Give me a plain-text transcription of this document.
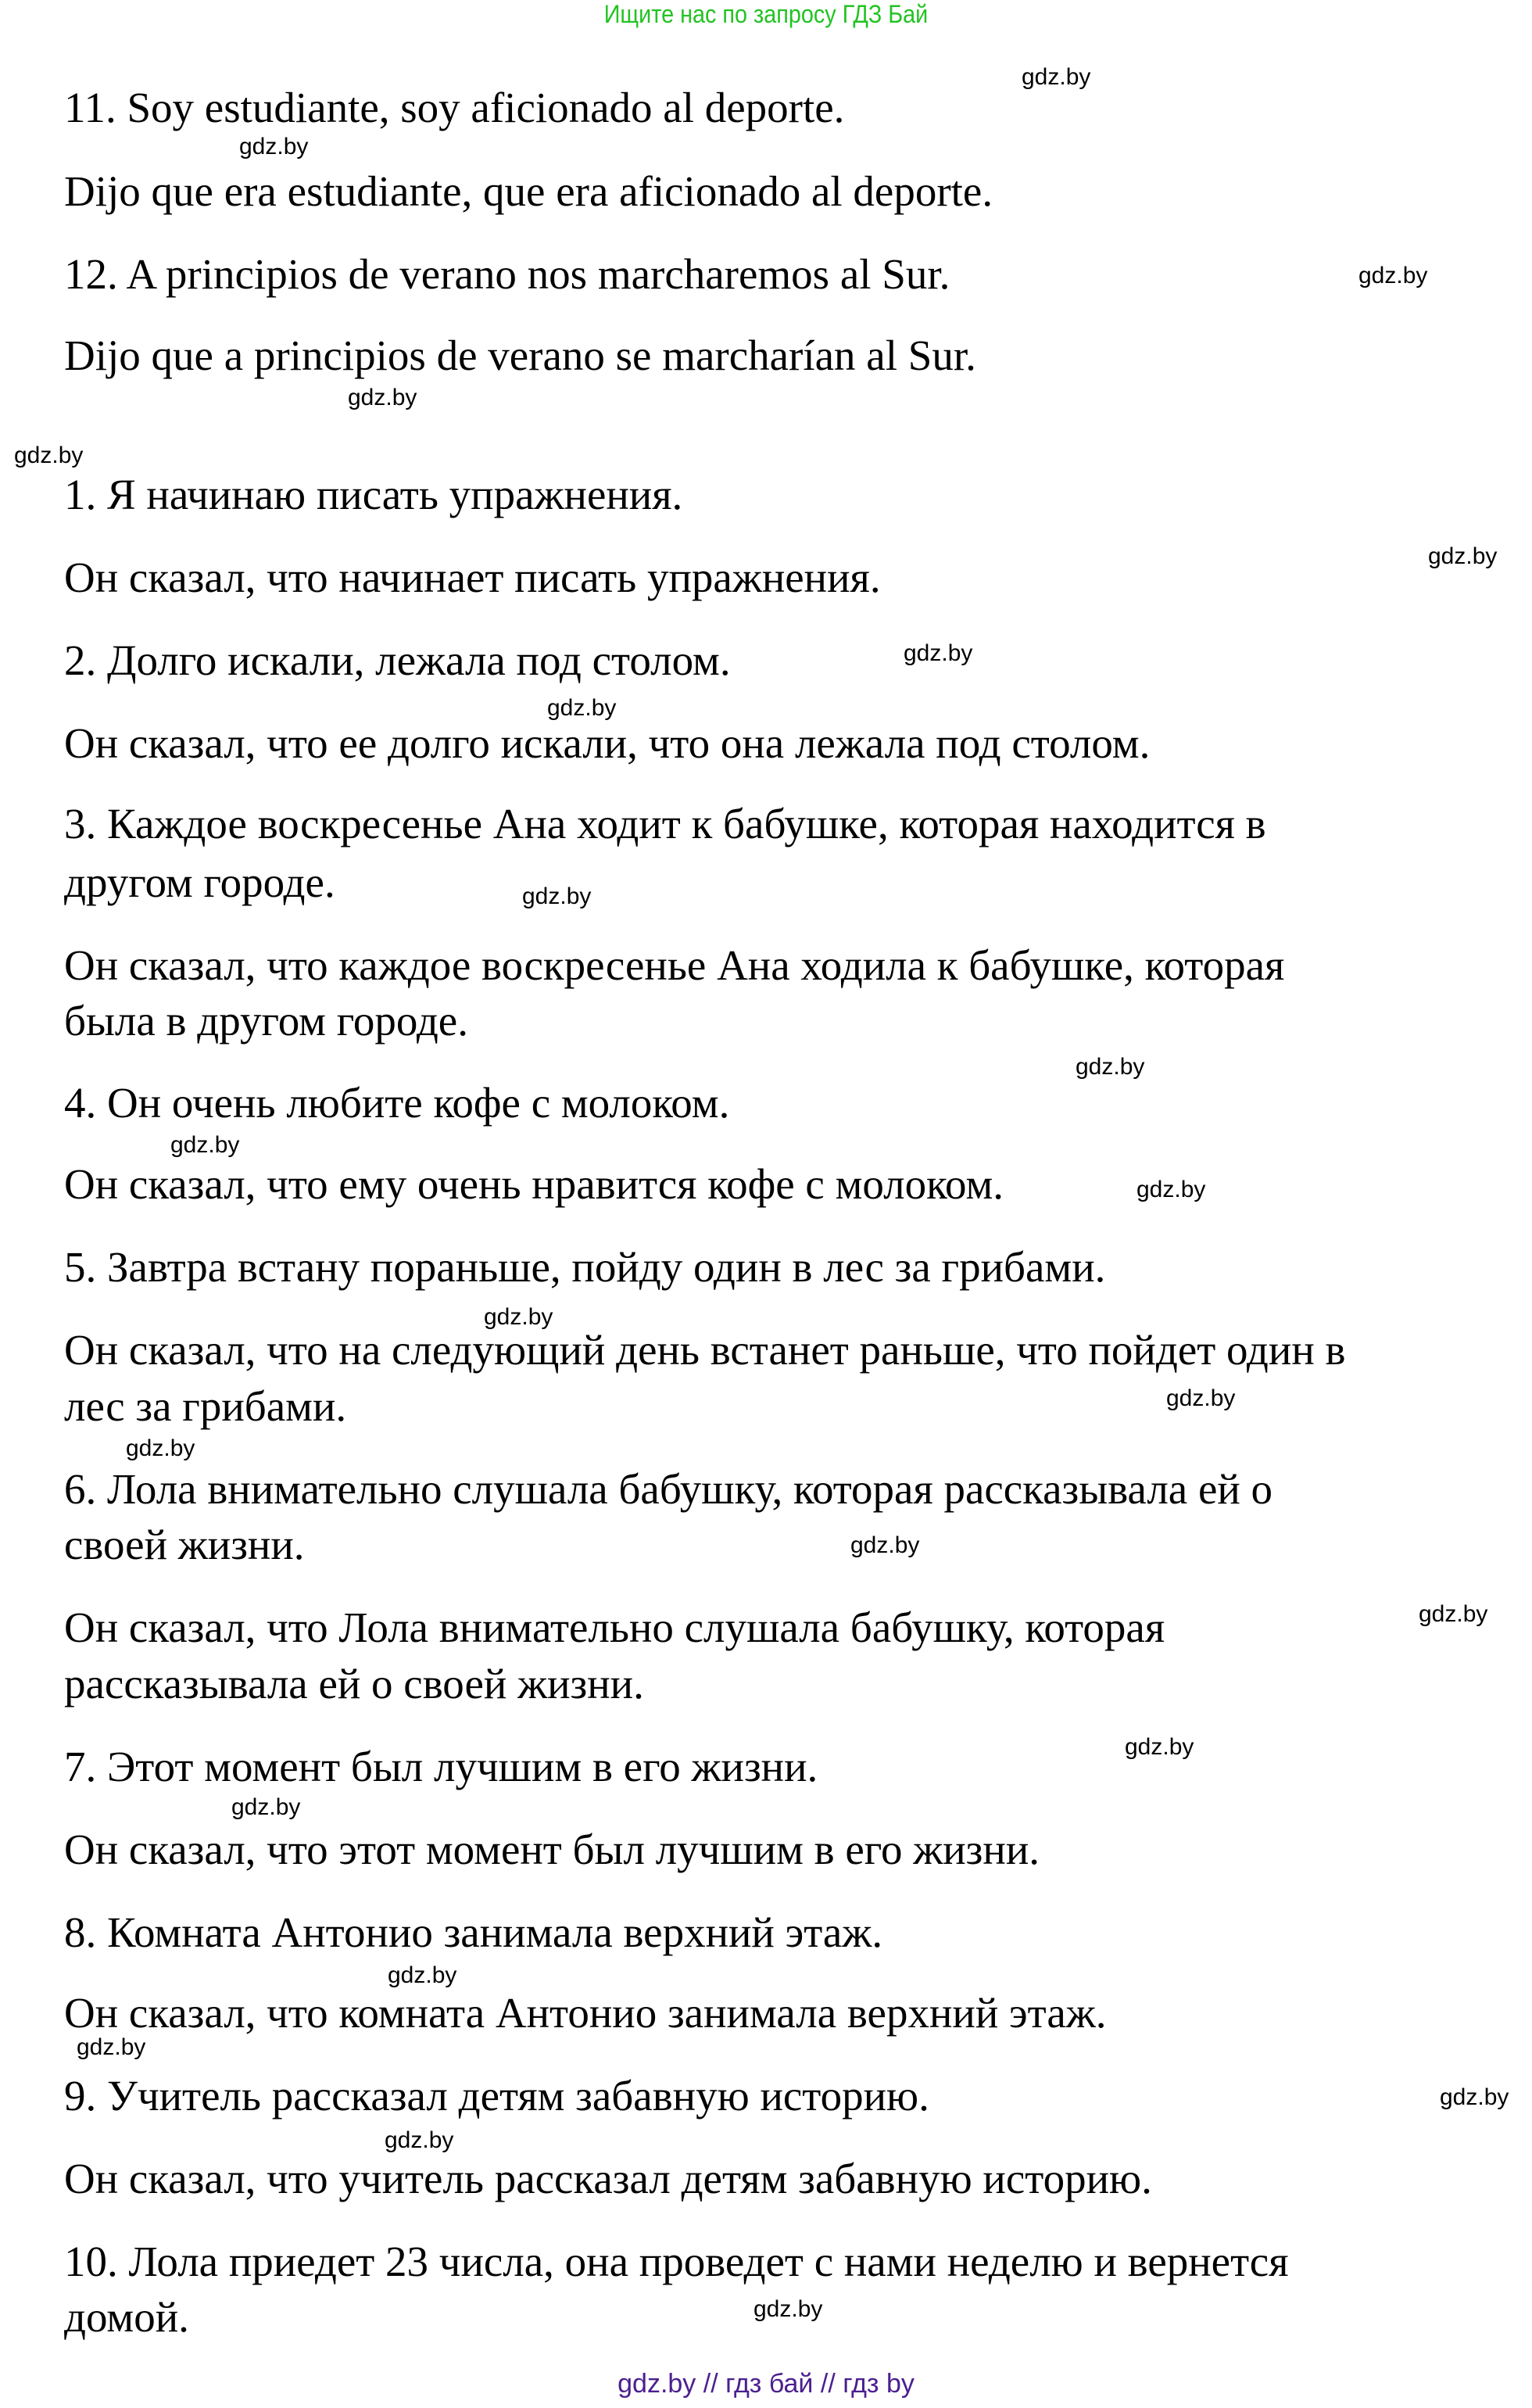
Ищите нас по запросу ГДЗ Бай
11. Soy estudiante, soy aficionado al deporte.
Dijo que era estudiante, que era aficionado al deporte.
12. A principios de verano nos marcharemos al Sur.
Dijo que a principios de verano se marcharían al Sur.
1. Я начинаю писать упражнения.
Он сказал, что начинает писать упражнения.
2. Долго искали, лежала под столом.
Он сказал, что ее долго искали, что она лежала под столом.
3. Каждое воскресенье Ана ходит к бабушке, которая находится в
другом городе.
Он сказал, что каждое воскресенье Ана ходила к бабушке, которая
была в другом городе.
4. Он очень любите кофе с молоком.
Он сказал, что ему очень нравится кофе с молоком.
5. Завтра встану пораньше, пойду один в лес за грибами.
Он сказал, что на следующий день встанет раньше, что пойдет один в
лес за грибами.
6. Лола внимательно слушала бабушку, которая рассказывала ей о
своей жизни.
Он сказал, что Лола внимательно слушала бабушку, которая
рассказывала ей о своей жизни.
7. Этот момент был лучшим в его жизни.
Он сказал, что этот момент был лучшим в его жизни.
8. Комната Антонио занимала верхний этаж.
Он сказал, что комната Антонио занимала верхний этаж.
9. Учитель рассказал детям забавную историю.
Он сказал, что учитель рассказал детям забавную историю.
10. Лола приедет 23 числа, она проведет с нами неделю и вернется
домой.
gdz.by
gdz.by
gdz.by
gdz.by
gdz.by
gdz.by
gdz.by
gdz.by
gdz.by
gdz.by
gdz.by
gdz.by
gdz.by
gdz.by
gdz.by
gdz.by
gdz.by
gdz.by
gdz.by
gdz.by
gdz.by
gdz.by
gdz.by
gdz.by
gdz.by // гдз бай // гдз by
